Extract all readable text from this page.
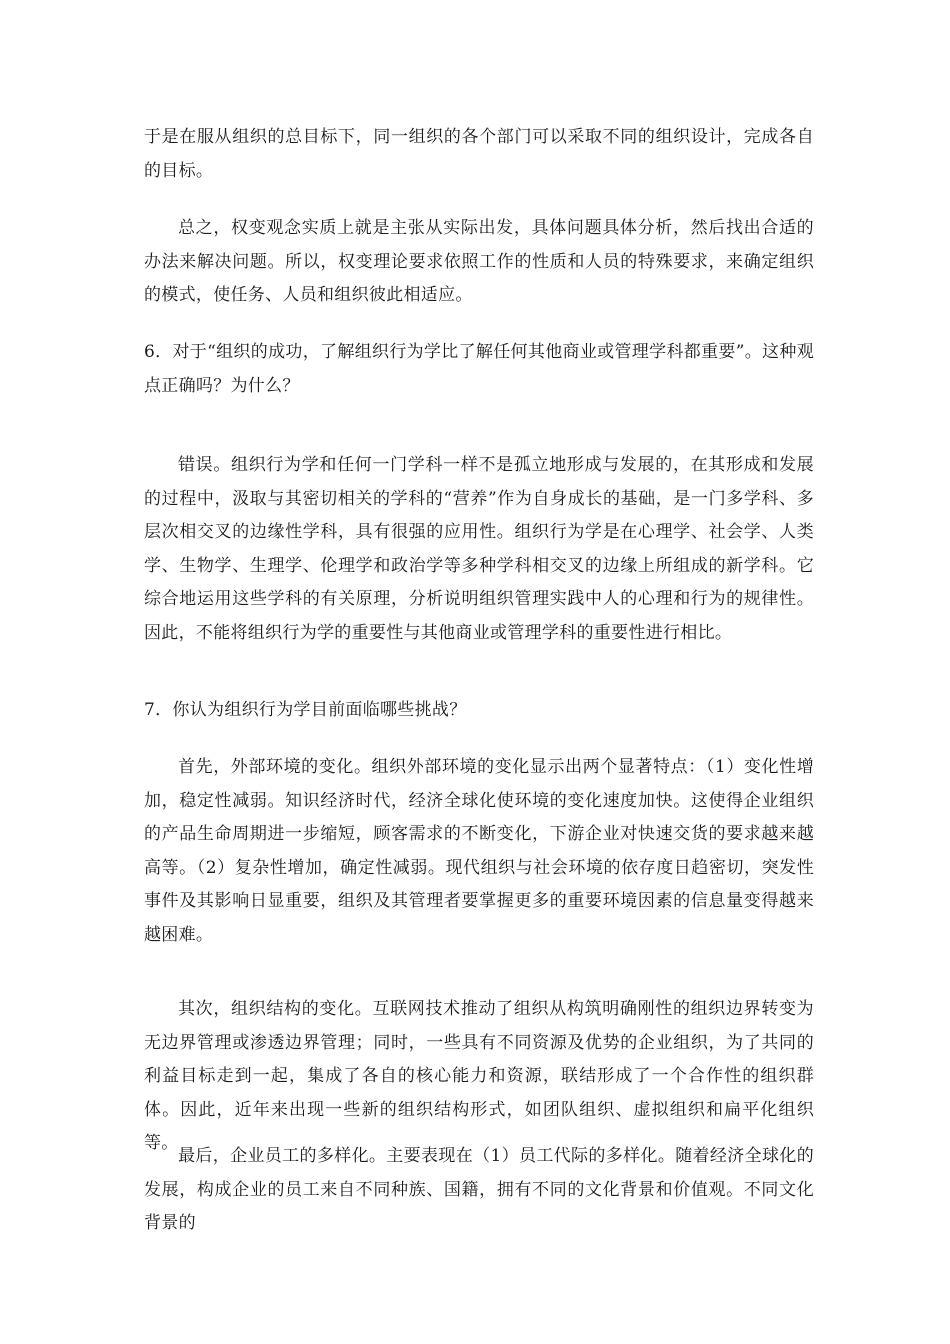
于是在服从组织的总目标下，同一组织的各个部门可以采取不同的组织设计，完成各自的目标。

总之，权变观念实质上就是主张从实际出发，具体问题具体分析，然后找出合适的办法来解决问题。所以，权变理论要求依照工作的性质和人员的特殊要求，来确定组织的模式，使任务、人员和组织彼此相适应。

6．对于“组织的成功，了解组织行为学比了解任何其他商业或管理学科都重要”。这种观点正确吗？为什么？

错误。组织行为学和任何一门学科一样不是孤立地形成与发展的，在其形成和发展的过程中，汲取与其密切相关的学科的“营养”作为自身成长的基础，是一门多学科、多层次相交叉的边缘性学科，具有很强的应用性。组织行为学是在心理学、社会学、人类学、生物学、生理学、伦理学和政治学等多种学科相交叉的边缘上所组成的新学科。它综合地运用这些学科的有关原理，分析说明组织管理实践中人的心理和行为的规律性。因此，不能将组织行为学的重要性与其他商业或管理学科的重要性进行相比。

7．你认为组织行为学目前面临哪些挑战？

首先，外部环境的变化。组织外部环境的变化显示出两个显著特点：（1）变化性增加，稳定性减弱。知识经济时代，经济全球化使环境的变化速度加快。这使得企业组织的产品生命周期进一步缩短，顾客需求的不断变化，下游企业对快速交货的要求越来越高等。（2）复杂性增加，确定性减弱。现代组织与社会环境的依存度日趋密切，突发性事件及其影响日显重要，组织及其管理者要掌握更多的重要环境因素的信息量变得越来越困难。

其次，组织结构的变化。互联网技术推动了组织从构筑明确刚性的组织边界转变为无边界管理或渗透边界管理；同时，一些具有不同资源及优势的企业组织，为了共同的利益目标走到一起，集成了各自的核心能力和资源，联结形成了一个合作性的组织群体。因此，近年来出现一些新的组织结构形式，如团队组织、虚拟组织和扁平化组织等。

最后，企业员工的多样化。主要表现在（1）员工代际的多样化。随着经济全球化的发展，构成企业的员工来自不同种族、国籍，拥有不同的文化背景和价值观。不同文化背景的
